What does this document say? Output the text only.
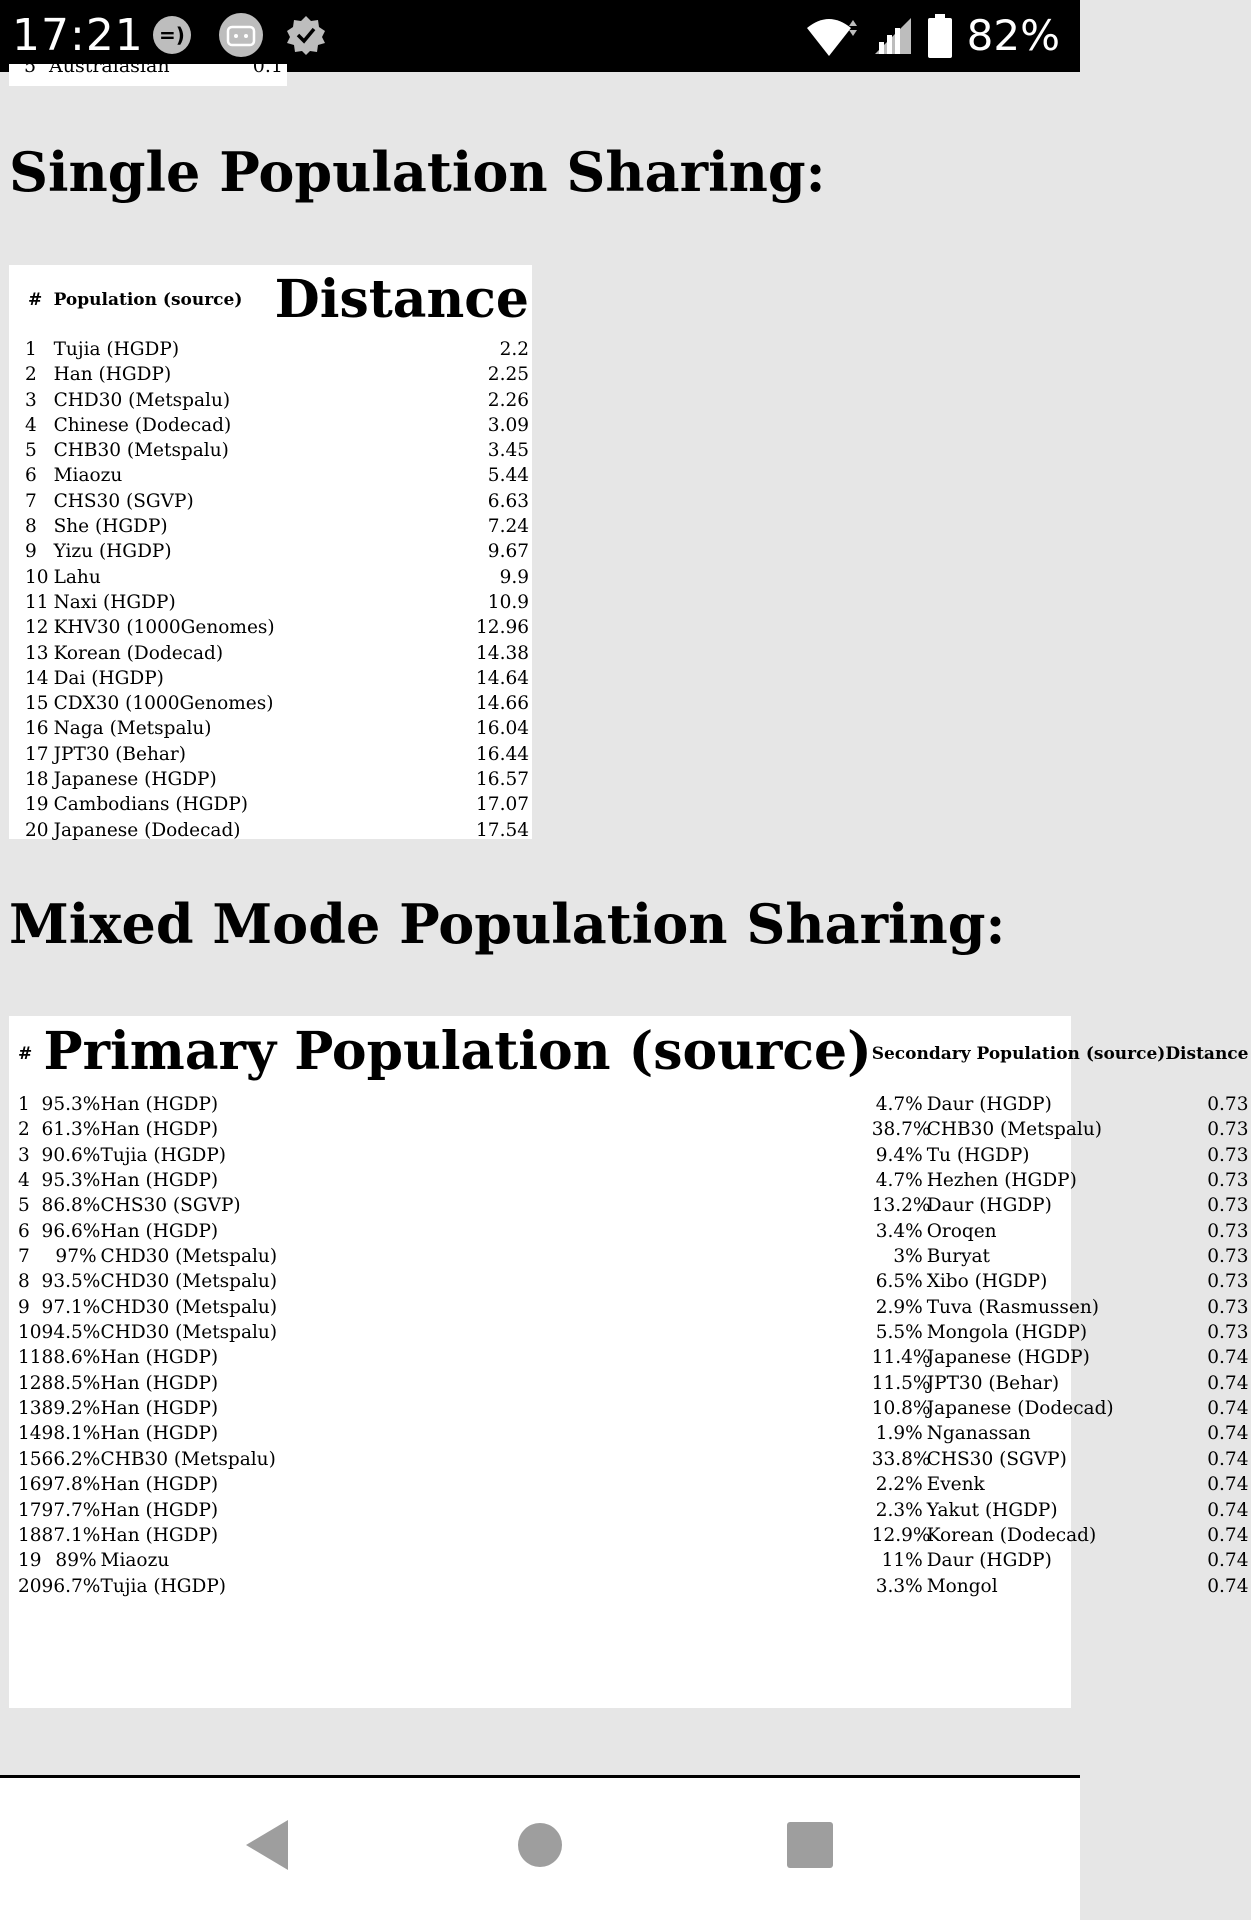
17:21 =)	82%
5 Australasian	0.1
Single Population Sharing:
#	Population (source)	Distance
1	Tujia (HGDP)	2.2
2	Han (HGDP)	2.25
3	CHD30 (Metspalu)	2.26
4	Chinese (Dodecad)	3.09
5	CHB30 (Metspalu)	3.45
6	Miaozu	5.44
7	CHS30 (SGVP)	6.63
8	She (HGDP)	7.24
9	Yizu (HGDP)	9.67
10	Lahu	9.9
11	Naxi (HGDP)	10.9
12	KHV30 (1000Genomes)	12.96
13	Korean (Dodecad)	14.38
14	Dai (HGDP)	14.64
15	CDX30 (1000Genomes)	14.66
16	Naga (Metspalu)	16.04
17	JPT30 (Behar)	16.44
18	Japanese (HGDP)	16.57
19	Cambodians (HGDP)	17.07
20	Japanese (Dodecad)	17.54
Mixed Mode Population Sharing:
#	Primary Population (source)	Secondary Population (source)	Distance
1	95.3%Han (HGDP)	4.7% Daur (HGDP)	0.73
2	61.3%Han (HGDP)	38.7%CHB30 (Metspalu)	0.73
3	90.6%Tujia (HGDP)	9.4% Tu (HGDP)	0.73
4	95.3%Han (HGDP)	4.7% Hezhen (HGDP)	0.73
5	86.8%CHS30 (SGVP)	13.2%Daur (HGDP)	0.73
6	96.6%Han (HGDP)	3.4% Oroqen	0.73
7	97% CHD30 (Metspalu)	3% Buryat	0.73
8	93.5%CHD30 (Metspalu)	6.5% Xibo (HGDP)	0.73
9	97.1%CHD30 (Metspalu)	2.9% Tuva (Rasmussen)	0.73
10	94.5%CHD30 (Metspalu)	5.5% Mongola (HGDP)	0.73
11	88.6%Han (HGDP)	11.4%Japanese (HGDP)	0.74
12	88.5%Han (HGDP)	11.5%JPT30 (Behar)	0.74
13	89.2%Han (HGDP)	10.8%Japanese (Dodecad)	0.74
14	98.1%Han (HGDP)	1.9% Nganassan	0.74
15	66.2%CHB30 (Metspalu)	33.8%CHS30 (SGVP)	0.74
16	97.8%Han (HGDP)	2.2% Evenk	0.74
17	97.7%Han (HGDP)	2.3% Yakut (HGDP)	0.74
18	87.1%Han (HGDP)	12.9%Korean (Dodecad)	0.74
19	89% Miaozu	11% Daur (HGDP)	0.74
20	96.7%Tujia (HGDP)	3.3% Mongol	0.74
